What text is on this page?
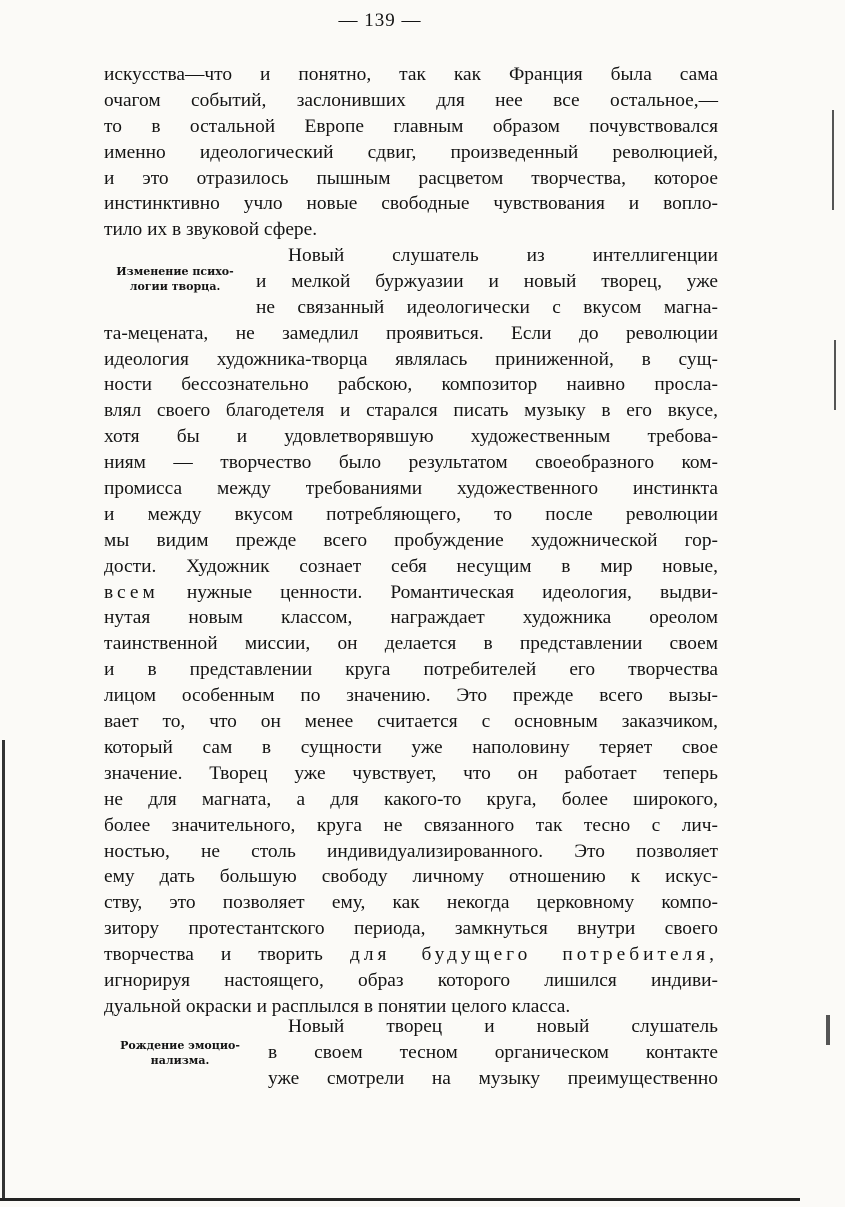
— 139 —
искусства—что и понятно, так как Франция была сама
очагом событий, заслонивших для нее все остальное,—
то в остальной Европе главным образом почувствовался
именно идеологический сдвиг, произведенный революцией,
и это отразилось пышным расцветом творчества, которое
инстинктивно учло новые свободные чувствования и вопло-
тило их в звуковой сфере.
Изменение психо-
логии творца.
Новый слушатель из интеллигенции
и мелкой буржуазии и новый творец, уже
не связанный идеологически с вкусом магна-
та-мецената, не замедлил проявиться. Если до революции
идеология художника-творца являлась приниженной, в сущ-
ности бессознательно рабскою, композитор наивно просла-
влял своего благодетеля и старался писать музыку в его вкусе,
хотя бы и удовлетворявшую художественным требова-
ниям — творчество было результатом своеобразного ком-
промисса между требованиями художественного инстинкта
и между вкусом потребляющего, то после революции
мы видим прежде всего пробуждение художнической гор-
дости. Художник сознает себя несущим в мир новые,
всем нужные ценности. Романтическая идеология, выдви-
нутая новым классом, награждает художника ореолом
таинственной миссии, он делается в представлении своем
и в представлении круга потребителей его творчества
лицом особенным по значению. Это прежде всего вызы-
вает то, что он менее считается с основным заказчиком,
который сам в сущности уже наполовину теряет свое
значение. Творец уже чувствует, что он работает теперь
не для магната, а для какого-то круга, более широкого,
более значительного, круга не связанного так тесно с лич-
ностью, не столь индивидуализированного. Это позволяет
ему дать большую свободу личному отношению к искус-
ству, это позволяет ему, как некогда церковному компо-
зитору протестантского периода, замкнуться внутри своего
творчества и творить для будущего потребителя,
игнорируя настоящего, образ которого лишился индиви-
дуальной окраски и расплылся в понятии целого класса.
Рождение эмоцио-
нализма.
Новый творец и новый слушатель
в своем тесном органическом контакте
уже смотрели на музыку преимущественно
